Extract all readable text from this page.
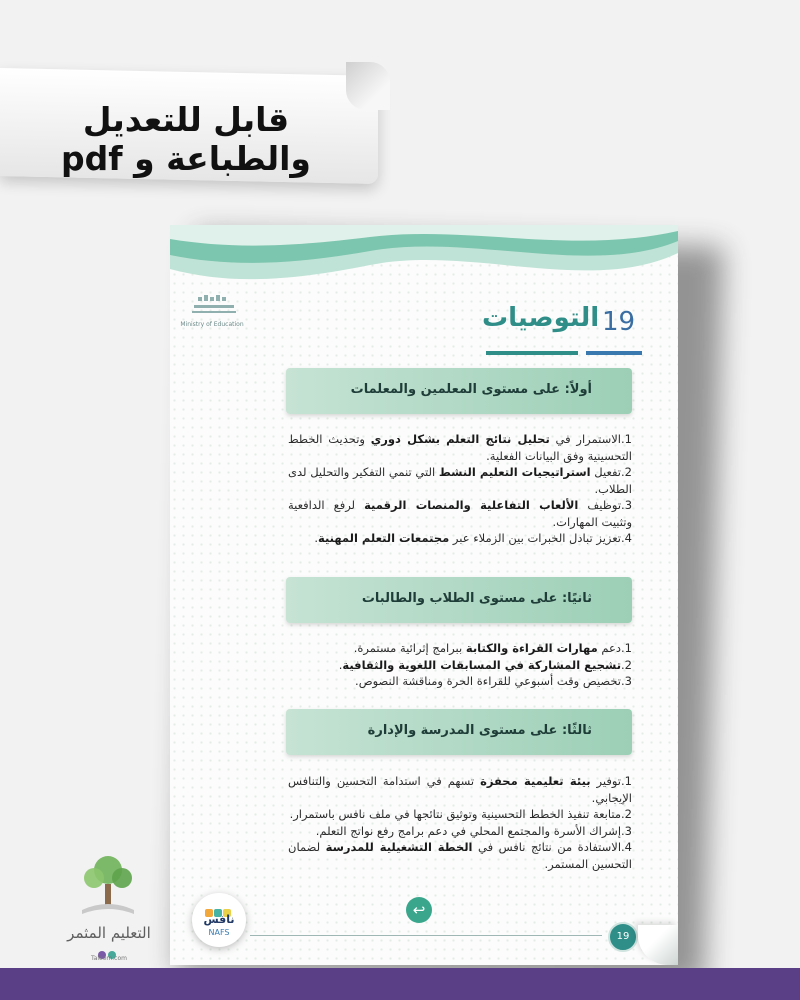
قابل للتعديل والطباعة و pdf
Ministry of Education	التوصيات 19
أولاً: على مستوى المعلمين والمعلمات

1.الاستمرار في تحليل نتائج التعلم بشكل دوري وتحديث الخطط التحسينية وفق البيانات الفعلية.

2.تفعيل استراتيجيات التعليم النشط التي تنمي التفكير والتحليل لدى الطلاب.

3.توظيف الألعاب التفاعلية والمنصات الرقمية لرفع الدافعية وتثبيت المهارات.

4.تعزيز تبادل الخبرات بين الزملاء عبر مجتمعات التعلم المهنية.

ثانيًا: على مستوى الطلاب والطالبات

1.دعم مهارات القراءة والكتابة ببرامج إثرائية مستمرة.

2.تشجيع المشاركة في المسابقات اللغوية والثقافية.

3.تخصيص وقت أسبوعي للقراءة الحرة ومناقشة النصوص.

ثالثًا: على مستوى المدرسة والإدارة

1.توفير بيئة تعليمية محفزة تسهم في استدامة التحسين والتنافس الإيجابي.

2.متابعة تنفيذ الخطط التحسينية وتوثيق نتائجها في ملف نافس باستمرار.

3.إشراك الأسرة والمجتمع المحلي في دعم برامج رفع نواتج التعلم.

4.الاستفادة من نتائج نافس في الخطة التشغيلية للمدرسة لضمان التحسين المستمر.

نافس
NAFS
↩
19
التعليم المثمر
Taleem.com
